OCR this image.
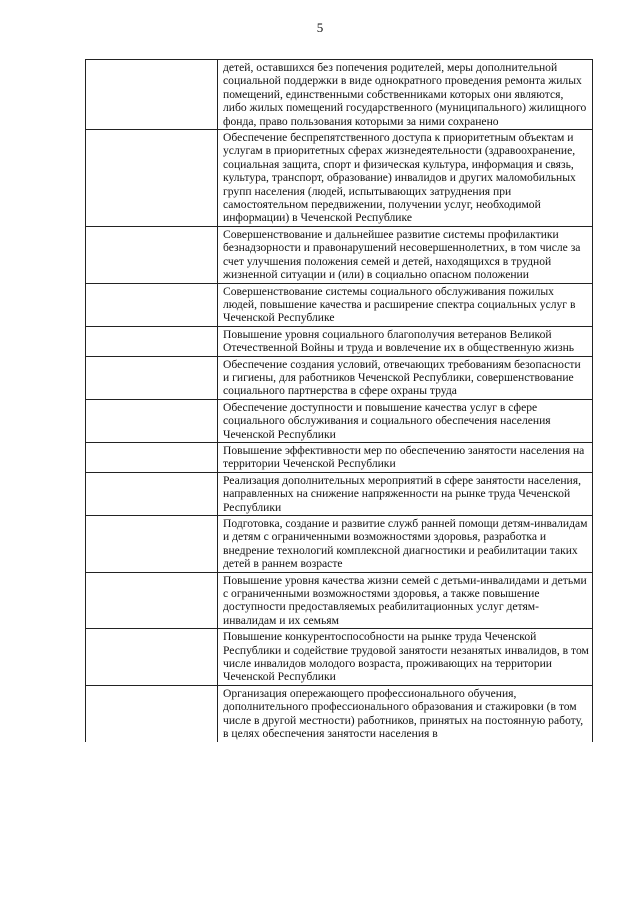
5

	детей, оставшихся без попечения родителей, меры дополнительной социальной поддержки в виде однократного проведения ремонта жилых помещений, единственными собственниками которых они являются, либо жилых помещений государственного (муниципального) жилищного фонда, право пользования которыми за ними сохранено

	Обеспечение беспрепятственного доступа к приоритетным объектам и услугам в приоритетных сферах жизнедеятельности (здравоохранение, социальная защита, спорт и физическая культура, информация и связь, культура, транспорт, образование) инвалидов и других маломобильных групп населения (людей, испытывающих затруднения при самостоятельном передвижении, получении услуг, необходимой информации) в Чеченской Республике

	Совершенствование и дальнейшее развитие системы профилактики безнадзорности и правонарушений несовершеннолетних, в том числе за счет улучшения положения семей и детей, находящихся в трудной жизненной ситуации и (или) в социально опасном положении

	Совершенствование системы социального обслуживания пожилых людей, повышение качества и расширение спектра социальных услуг в Чеченской Республике

	Повышение уровня социального благополучия ветеранов Великой Отечественной Войны и труда и вовлечение их в общественную жизнь

	Обеспечение создания условий, отвечающих требованиям безопасности и гигиены, для работников Чеченской Республики, совершенствование социального партнерства в сфере охраны труда

	Обеспечение доступности и повышение качества услуг в сфере социального обслуживания и социального обеспечения населения Чеченской Республики

	Повышение эффективности мер по обеспечению занятости населения на территории Чеченской Республики

	Реализация дополнительных мероприятий в сфере занятости населения, направленных на снижение напряженности на рынке труда Чеченской Республики

	Подготовка, создание и развитие служб ранней помощи детям-инвалидам и детям с ограниченными возможностями здоровья, разработка и внедрение технологий комплексной диагностики и реабилитации таких детей в раннем возрасте

	Повышение уровня качества жизни семей с детьми-инвалидами и детьми с ограниченными возможностями здоровья, а также повышение доступности предоставляемых реабилитационных услуг детям-инвалидам и их семьям

	Повышение конкурентоспособности на рынке труда Чеченской Республики и содействие трудовой занятости незанятых инвалидов, в том числе инвалидов молодого возраста, проживающих на территории Чеченской Республики

	Организация опережающего профессионального обучения, дополнительного профессионального образования и стажировки (в том числе в другой местности) работников, принятых на постоянную работу, в целях обеспечения занятости населения в
